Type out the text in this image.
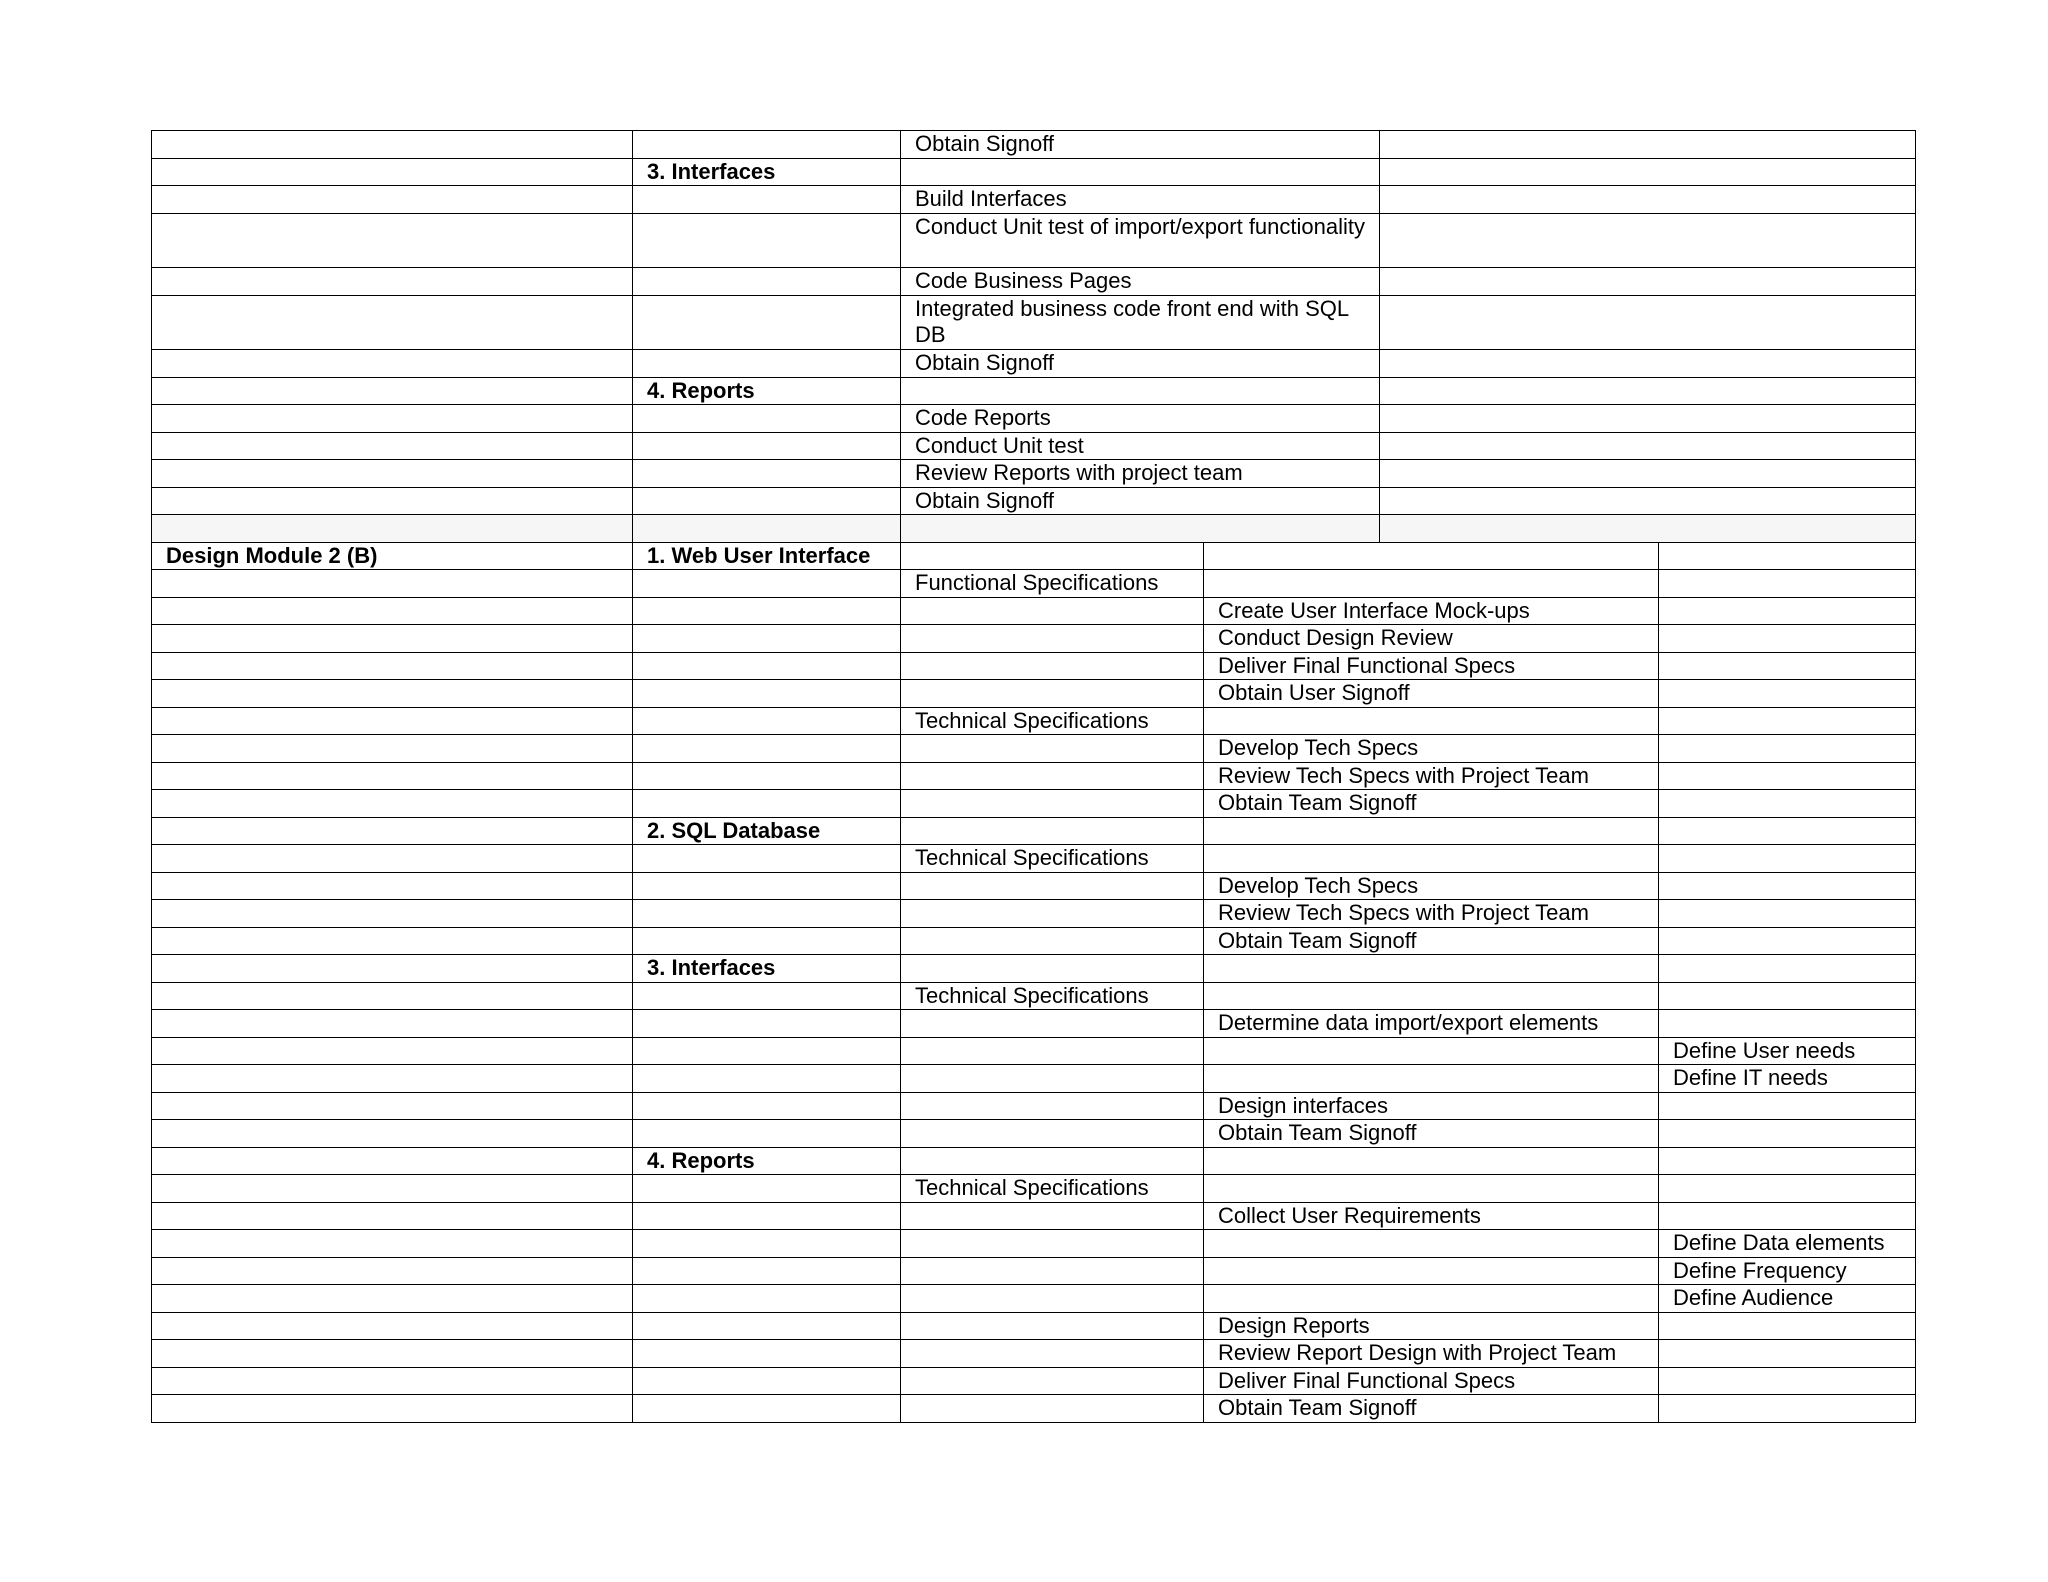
		Obtain Signoff				
	3. Interfaces					
		Build Interfaces				
		Conduct Unit test of import/export functionality				
		Code Business Pages				
		Integrated business code front end with SQL DB				
		Obtain Signoff				
	4. Reports					
		Code Reports				
		Conduct Unit test				
		Review Reports with project team				
		Obtain Signoff				

Design Module 2 (B)	1. Web User Interface					
		Functional Specifications				
			Create User Interface Mock-ups			
			Conduct Design Review			
			Deliver Final Functional Specs			
			Obtain User Signoff			
		Technical Specifications				
			Develop Tech Specs			
			Review Tech Specs with Project Team			
			Obtain Team Signoff			
	2. SQL Database					
		Technical Specifications				
			Develop Tech Specs			
			Review Tech Specs with Project Team			
			Obtain Team Signoff			
	3. Interfaces					
		Technical Specifications				
			Determine data import/export elements			
					Define User needs	
					Define IT needs	
			Design interfaces			
			Obtain Team Signoff			
	4. Reports					
		Technical Specifications				
			Collect User Requirements			
					Define Data elements	
					Define Frequency	
					Define Audience	
			Design Reports			
			Review Report Design with Project Team			
			Deliver Final Functional Specs			
			Obtain Team Signoff			
